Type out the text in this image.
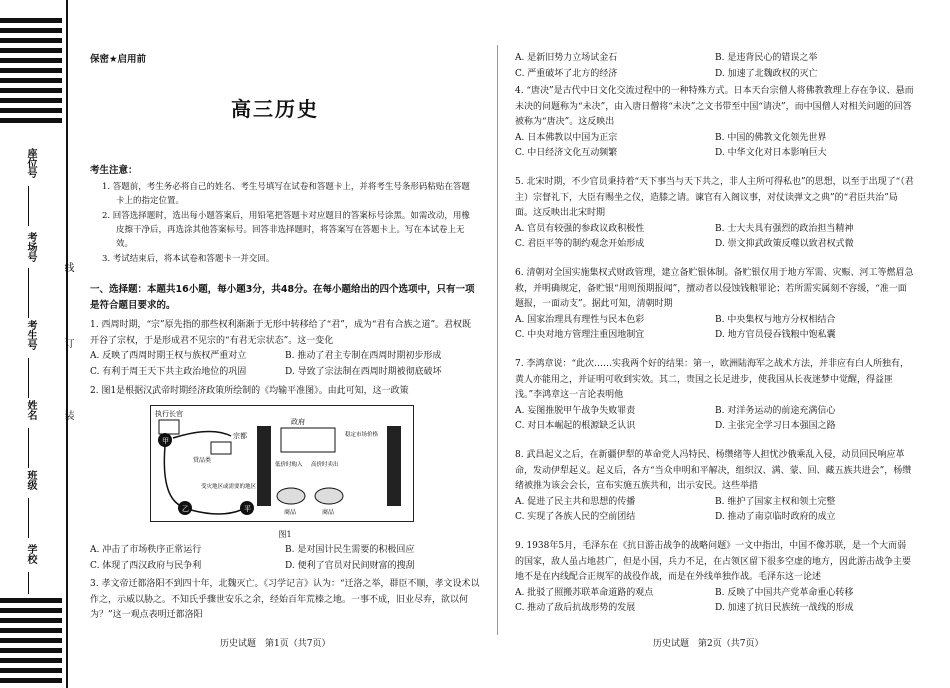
座位号
考场号
考生号
姓名
班级
学校
线
订
装
保密★启用前
高三历史
考生注意：

1. 答题前，考生务必将自己的姓名、考生号填写在试卷和答题卡上，并将考生号条形码粘贴在答题卡上的指定位置。

2. 回答选择题时，选出每小题答案后，用铅笔把答题卡对应题目的答案标号涂黑。如需改动，用橡皮擦干净后，再选涂其他答案标号。回答非选择题时，将答案写在答题卡上。写在本试卷上无效。

3. 考试结束后，将本试卷和答题卡一并交回。

一、选择题：本题共16小题，每小题3分，共48分。在每小题给出的四个选项中，只有一项是符合题目要求的。

1. 西周时期，“宗”原先指的那些权利渐渐于无形中转移给了“君”，成为“君有合族之道”。君权既开谷了宗权，于是形成君不见宗的“有君无宗状态”。这一变化

A. 反映了西周时期王权与族权严重对立	B. 推动了君主专制在西周时期初步形成
C. 有利于周王天下共主政治地位的巩固	D. 导致了宗法制在西周时期被彻底破坏

2. 图1是根据汉武帝时期经济政策所绘制的《均输平准图》。由此可知，这一政策

执行长官
甲
宗都
赏品类
乙	平
受灾地区或需要的地区
政府
低价时购入 高价时卖出
商品	商品
稳定市场价格
图1
A. 冲击了市场秩序正常运行	B. 是对国计民生需要的积极回应
C. 体现了西汉政府与民争利	D. 便利了官员对民间财富的搜刮

3. 孝文帝迁都洛阳不到四十年，北魏灭亡。《习学记言》认为：“迁洛之举，群臣不顺，孝文设术以作之，示威以胁之。不知氏乎骤世安乐之余，经始百年荒榛之地。一事不成，旧业尽弃，欲以何为？”这一观点表明迁都洛阳

历史试题　第1页（共7页）
A. 是新旧势力立场试金石	B. 是违背民心的错误之举
C. 严重破坏了北方的经济	D. 加速了北魏政权的灭亡

4. “唐决”是古代中日文化交流过程中的一种特殊方式。日本天台宗僧人将佛教教理上存在争议、悬而未决的问题称为“未决”，由入唐日僧将“未决”之文书带至中国“请决”，而中国僧人对相关问题的回答被称为“唐决”。这反映出

A. 日本佛教以中国为正宗	B. 中国的佛教文化领先世界
C. 中日经济文化互动频繁	D. 中华文化对日本影响巨大

5. 北宋时期，不少官员秉持着“天下事当与天下共之，非人主所可得私也”的思想，以至于出现了“（君主）宗督礼下，大臣有赐坐之仪，造膝之请。谏官有入阁议事，对仗读弹文之典”的“君臣共治”局面。这反映出北宋时期

A. 官员有较强的参政议政积极性	B. 士大夫具有强烈的政治担当精神
C. 君臣平等的制约观念开始形成	D. 崇文抑武政策反噬以致君权式微

6. 清朝对全国实施集权式财政管理，建立备贮银体制。备贮银仅用于地方军需、灾赈、河工等燃眉急救，并明确规定，备贮银“用则预期报闻”，擅动者以侵蚀钱粮罪论；若所需实属刻不容缓，“准一面题报，一面动支”。据此可知，清朝时期

A. 国家治理具有理性与民本色彩	B. 中央集权与地方分权相结合
C. 中央对地方管理注重因地制宜	D. 地方官员侵吞钱粮中饱私囊

7. 李鸿章说：“此次……实我两个好的结果：第一，欧洲陆海军之战术方法，并非应有白人所独有，黄人亦能用之，并证明可收到实效。其二，贵国之长足进步，使我国从长夜迷梦中觉醒，得益匪浅。”李鸿章这一言论表明他

A. 妄图推脱甲午战争失败罪责	B. 对洋务运动的前途充满信心
C. 对日本崛起的根源缺乏认识	D. 主张完全学习日本强国之路

8. 武昌起义之后，在新疆伊犁的革命党人冯特民、杨缵绪等人担忧沙俄乘乱入侵，动员回民响应革命，发动伊犁起义。起义后，各方“当众申明和平解决，组织汉、满、蒙、回、藏五族共进会”，杨缵绪被推为该会会长，宣布实施五族共和，出示安民。这些举措

A. 促进了民主共和思想的传播	B. 维护了国家主权和领土完整
C. 实现了各族人民的空前团结	D. 推动了南京临时政府的成立

9. 1938年5月，毛泽东在《抗日游击战争的战略问题》一文中指出，中国不像苏联，是一个大而弱的国家，敌人虽占地甚广，但是小国，兵力不足，在占领区留下很多空虚的地方，因此游击战争主要地不是在内线配合正规军的战役作战，而是在外线单独作战。毛泽东这一论述

A. 批驳了照搬苏联革命道路的观点	B. 反映了中国共产党革命重心转移
C. 推动了敌后抗战形势的发展	D. 加速了抗日民族统一战线的形成
历史试题　第2页（共7页）
